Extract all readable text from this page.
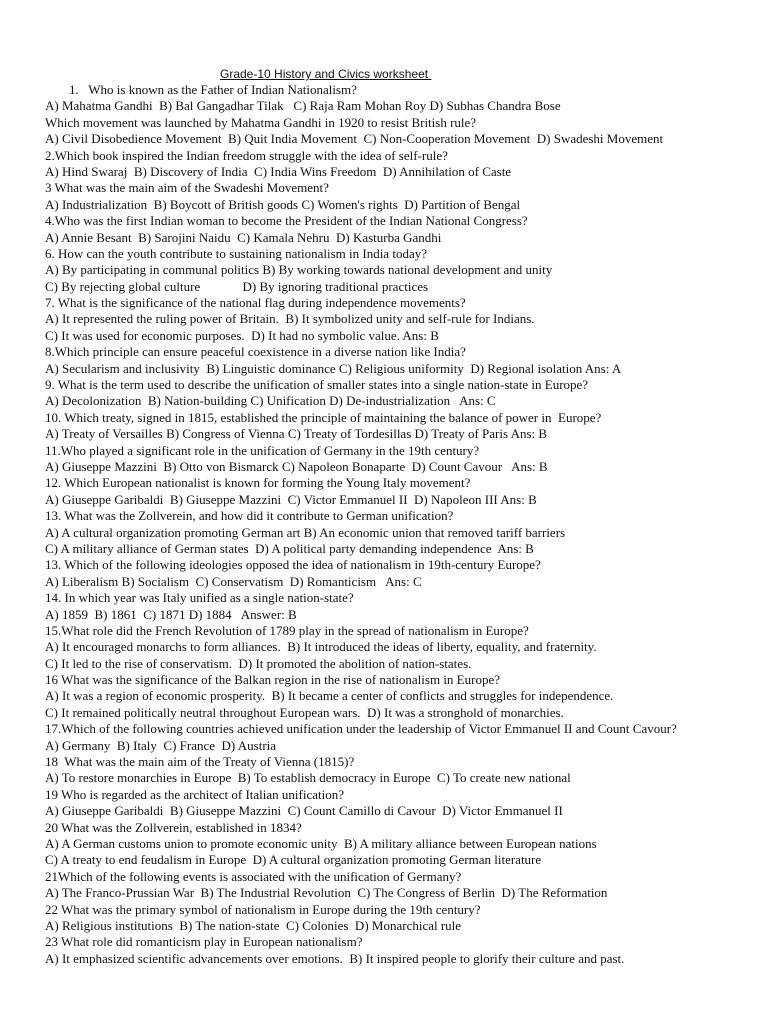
Grade-10 History and Civics worksheet
1.   Who is known as the Father of Indian Nationalism?
A) Mahatma Gandhi  B) Bal Gangadhar Tilak   C) Raja Ram Mohan Roy D) Subhas Chandra Bose
Which movement was launched by Mahatma Gandhi in 1920 to resist British rule?
A) Civil Disobedience Movement  B) Quit India Movement  C) Non-Cooperation Movement  D) Swadeshi Movement
2.Which book inspired the Indian freedom struggle with the idea of self-rule?
A) Hind Swaraj  B) Discovery of India  C) India Wins Freedom  D) Annihilation of Caste
3 What was the main aim of the Swadeshi Movement?
A) Industrialization  B) Boycott of British goods C) Women's rights  D) Partition of Bengal
4.Who was the first Indian woman to become the President of the Indian National Congress?
A) Annie Besant  B) Sarojini Naidu  C) Kamala Nehru  D) Kasturba Gandhi
6. How can the youth contribute to sustaining nationalism in India today?
A) By participating in communal politics B) By working towards national development and unity
C) By rejecting global culture             D) By ignoring traditional practices
7. What is the significance of the national flag during independence movements?
A) It represented the ruling power of Britain.  B) It symbolized unity and self-rule for Indians.
C) It was used for economic purposes.  D) It had no symbolic value. Ans: B
8.Which principle can ensure peaceful coexistence in a diverse nation like India?
A) Secularism and inclusivity  B) Linguistic dominance C) Religious uniformity  D) Regional isolation Ans: A
9. What is the term used to describe the unification of smaller states into a single nation-state in Europe?
A) Decolonization  B) Nation-building C) Unification D) De-industrialization   Ans: C
10. Which treaty, signed in 1815, established the principle of maintaining the balance of power in  Europe?
A) Treaty of Versailles B) Congress of Vienna C) Treaty of Tordesillas D) Treaty of Paris Ans: B
11.Who played a significant role in the unification of Germany in the 19th century?
A) Giuseppe Mazzini  B) Otto von Bismarck C) Napoleon Bonaparte  D) Count Cavour   Ans: B
12. Which European nationalist is known for forming the Young Italy movement?
A) Giuseppe Garibaldi  B) Giuseppe Mazzini  C) Victor Emmanuel II  D) Napoleon III Ans: B
13. What was the Zollverein, and how did it contribute to German unification?
A) A cultural organization promoting German art B) An economic union that removed tariff barriers
C) A military alliance of German states  D) A political party demanding independence  Ans: B
13. Which of the following ideologies opposed the idea of nationalism in 19th-century Europe?
A) Liberalism B) Socialism  C) Conservatism  D) Romanticism   Ans: C
14. In which year was Italy unified as a single nation-state?
A) 1859  B) 1861  C) 1871 D) 1884   Answer: B
15.What role did the French Revolution of 1789 play in the spread of nationalism in Europe?
A) It encouraged monarchs to form alliances.  B) It introduced the ideas of liberty, equality, and fraternity.
C) It led to the rise of conservatism.  D) It promoted the abolition of nation-states.
16 What was the significance of the Balkan region in the rise of nationalism in Europe?
A) It was a region of economic prosperity.  B) It became a center of conflicts and struggles for independence.
C) It remained politically neutral throughout European wars.  D) It was a stronghold of monarchies.
17.Which of the following countries achieved unification under the leadership of Victor Emmanuel II and Count Cavour?
A) Germany  B) Italy  C) France  D) Austria
18  What was the main aim of the Treaty of Vienna (1815)?
A) To restore monarchies in Europe  B) To establish democracy in Europe  C) To create new national
19 Who is regarded as the architect of Italian unification?
A) Giuseppe Garibaldi  B) Giuseppe Mazzini  C) Count Camillo di Cavour  D) Victor Emmanuel II
20 What was the Zollverein, established in 1834?
A) A German customs union to promote economic unity  B) A military alliance between European nations
C) A treaty to end feudalism in Europe  D) A cultural organization promoting German literature
21Which of the following events is associated with the unification of Germany?
A) The Franco-Prussian War  B) The Industrial Revolution  C) The Congress of Berlin  D) The Reformation
22 What was the primary symbol of nationalism in Europe during the 19th century?
A) Religious institutions  B) The nation-state  C) Colonies  D) Monarchical rule
23 What role did romanticism play in European nationalism?
A) It emphasized scientific advancements over emotions.  B) It inspired people to glorify their culture and past.
